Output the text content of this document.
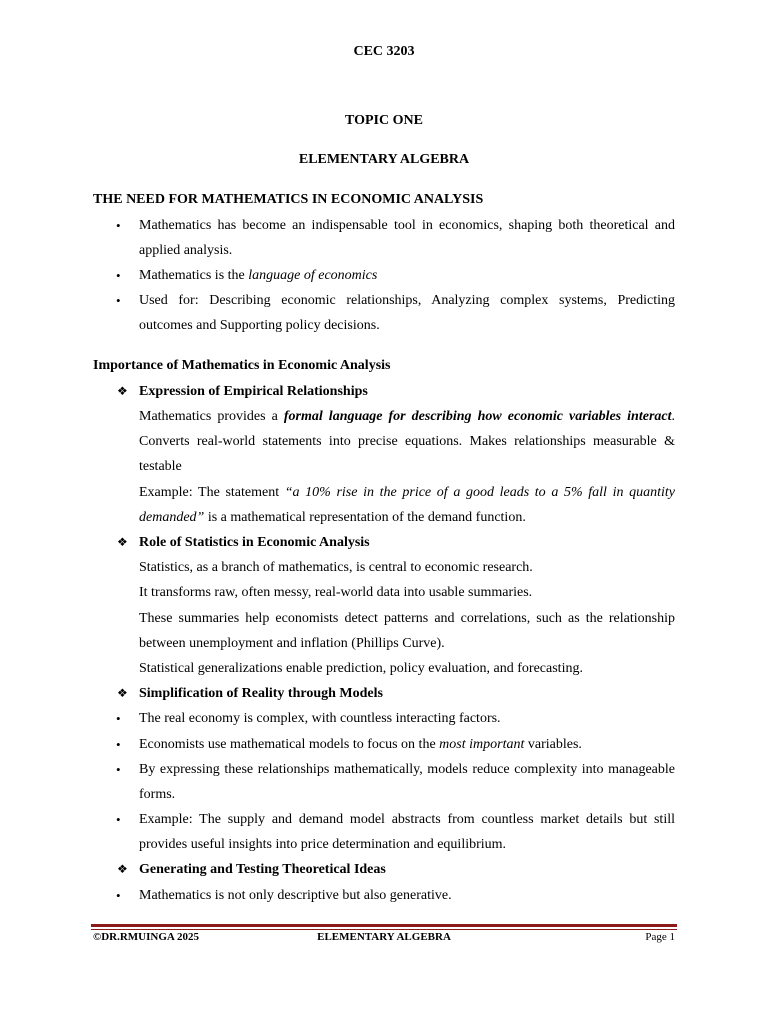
CEC 3203
TOPIC ONE
ELEMENTARY ALGEBRA
THE NEED FOR MATHEMATICS IN ECONOMIC ANALYSIS
• Mathematics has become an indispensable tool in economics, shaping both theoretical and applied analysis.
• Mathematics is the language of economics
• Used for: Describing economic relationships, Analyzing complex systems, Predicting outcomes and Supporting policy decisions.
Importance of Mathematics in Economic Analysis
❖ Expression of Empirical Relationships
Mathematics provides a formal language for describing how economic variables interact. Converts real-world statements into precise equations. Makes relationships measurable & testable
Example: The statement “a 10% rise in the price of a good leads to a 5% fall in quantity demanded” is a mathematical representation of the demand function.
❖ Role of Statistics in Economic Analysis
Statistics, as a branch of mathematics, is central to economic research.
It transforms raw, often messy, real-world data into usable summaries.
These summaries help economists detect patterns and correlations, such as the relationship between unemployment and inflation (Phillips Curve).
Statistical generalizations enable prediction, policy evaluation, and forecasting.
❖ Simplification of Reality through Models
• The real economy is complex, with countless interacting factors.
• Economists use mathematical models to focus on the most important variables.
• By expressing these relationships mathematically, models reduce complexity into manageable forms.
• Example: The supply and demand model abstracts from countless market details but still provides useful insights into price determination and equilibrium.
❖ Generating and Testing Theoretical Ideas
• Mathematics is not only descriptive but also generative.
©DR.RMUINGA 2025	ELEMENTARY ALGEBRA	Page 1
